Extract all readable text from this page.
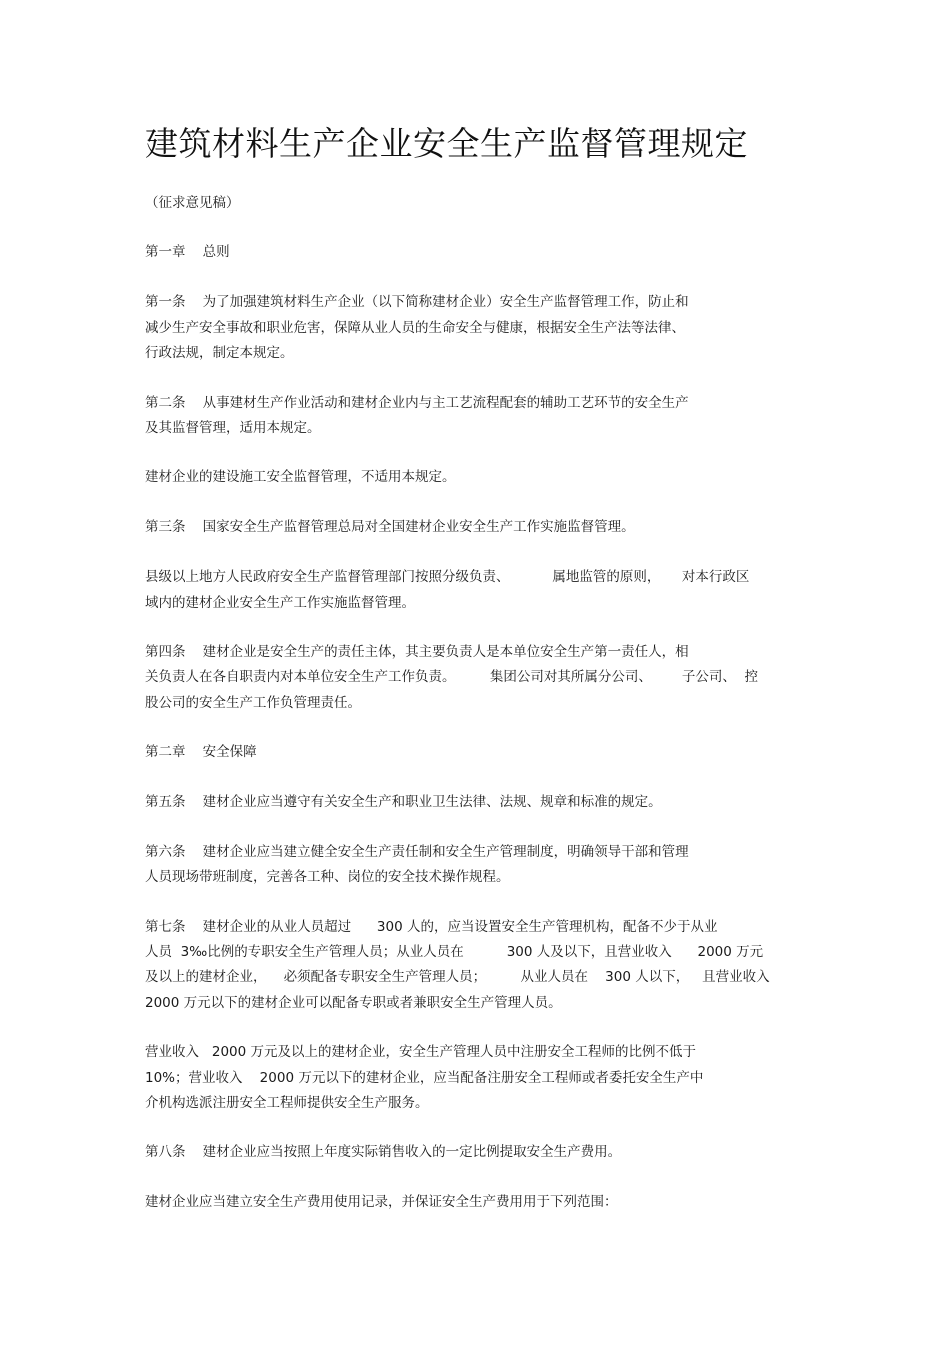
建筑材料生产企业安全生产监督管理规定
（征求意见稿）
第一章    总则
第一条    为了加强建筑材料生产企业（以下简称建材企业）安全生产监督管理工作，防止和
减少生产安全事故和职业危害，保障从业人员的生命安全与健康，根据安全生产法等法律、
行政法规，制定本规定。
第二条    从事建材生产作业活动和建材企业内与主工艺流程配套的辅助工艺环节的安全生产
及其监督管理，适用本规定。
建材企业的建设施工安全监督管理，不适用本规定。
第三条    国家安全生产监督管理总局对全国建材企业安全生产工作实施监督管理。
县级以上地方人民政府安全生产监督管理部门按照分级负责、          属地监管的原则，     对本行政区
域内的建材企业安全生产工作实施监督管理。
第四条    建材企业是安全生产的责任主体，其主要负责人是本单位安全生产第一责任人，相
关负责人在各自职责内对本单位安全生产工作负责。        集团公司对其所属分公司、       子公司、  控
股公司的安全生产工作负管理责任。
第二章    安全保障
第五条    建材企业应当遵守有关安全生产和职业卫生法律、法规、规章和标准的规定。
第六条    建材企业应当建立健全安全生产责任制和安全生产管理制度，明确领导干部和管理
人员现场带班制度，完善各工种、岗位的安全技术操作规程。
第七条    建材企业的从业人员超过      300 人的，应当设置安全生产管理机构，配备不少于从业
人员  3‰比例的专职安全生产管理人员；从业人员在          300 人及以下，且营业收入      2000 万元
及以上的建材企业，    必须配备专职安全生产管理人员；        从业人员在    300 人以下，   且营业收入
2000 万元以下的建材企业可以配备专职或者兼职安全生产管理人员。
营业收入   2000 万元及以上的建材企业，安全生产管理人员中注册安全工程师的比例不低于
10%；营业收入    2000 万元以下的建材企业，应当配备注册安全工程师或者委托安全生产中
介机构选派注册安全工程师提供安全生产服务。
第八条    建材企业应当按照上年度实际销售收入的一定比例提取安全生产费用。
建材企业应当建立安全生产费用使用记录，并保证安全生产费用用于下列范围：
